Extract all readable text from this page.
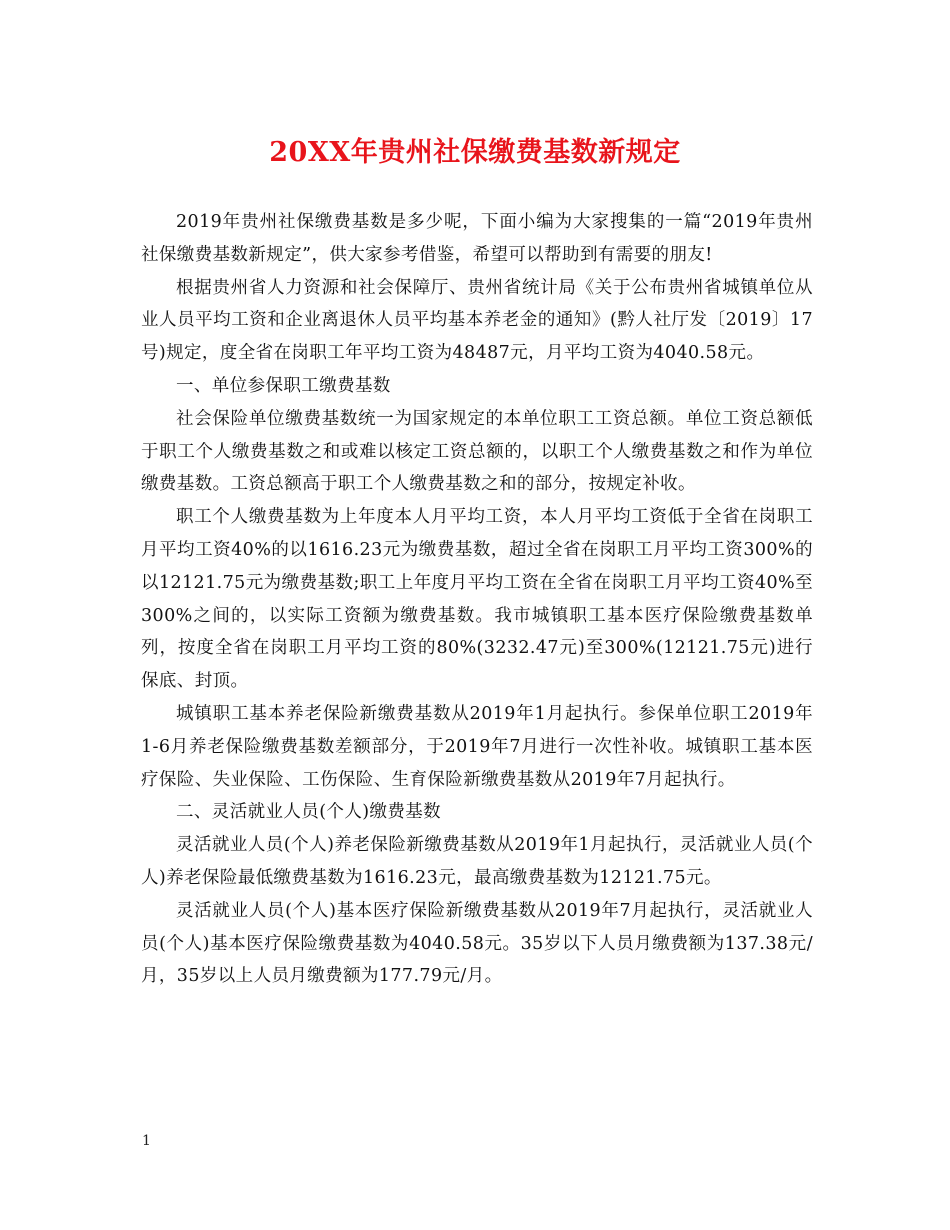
20XX年贵州社保缴费基数新规定

2019年贵州社保缴费基数是多少呢，下面小编为大家搜集的一篇“2019年贵州社保缴费基数新规定”，供大家参考借鉴，希望可以帮助到有需要的朋友!

根据贵州省人力资源和社会保障厅、贵州省统计局《关于公布贵州省城镇单位从业人员平均工资和企业离退休人员平均基本养老金的通知》(黔人社厅发〔2019〕17号)规定，度全省在岗职工年平均工资为48487元，月平均工资为4040.58元。

一、单位参保职工缴费基数

社会保险单位缴费基数统一为国家规定的本单位职工工资总额。单位工资总额低于职工个人缴费基数之和或难以核定工资总额的，以职工个人缴费基数之和作为单位缴费基数。工资总额高于职工个人缴费基数之和的部分，按规定补收。

职工个人缴费基数为上年度本人月平均工资，本人月平均工资低于全省在岗职工月平均工资40%的以1616.23元为缴费基数，超过全省在岗职工月平均工资300%的以12121.75元为缴费基数;职工上年度月平均工资在全省在岗职工月平均工资40%至300%之间的，以实际工资额为缴费基数。我市城镇职工基本医疗保险缴费基数单列，按度全省在岗职工月平均工资的80%(3232.47元)至300%(12121.75元)进行保底、封顶。

城镇职工基本养老保险新缴费基数从2019年1月起执行。参保单位职工2019年1-6月养老保险缴费基数差额部分，于2019年7月进行一次性补收。城镇职工基本医疗保险、失业保险、工伤保险、生育保险新缴费基数从2019年7月起执行。

二、灵活就业人员(个人)缴费基数

灵活就业人员(个人)养老保险新缴费基数从2019年1月起执行，灵活就业人员(个人)养老保险最低缴费基数为1616.23元，最高缴费基数为12121.75元。

灵活就业人员(个人)基本医疗保险新缴费基数从2019年7月起执行，灵活就业人员(个人)基本医疗保险缴费基数为4040.58元。35岁以下人员月缴费额为137.38元/月，35岁以上人员月缴费额为177.79元/月。

1
